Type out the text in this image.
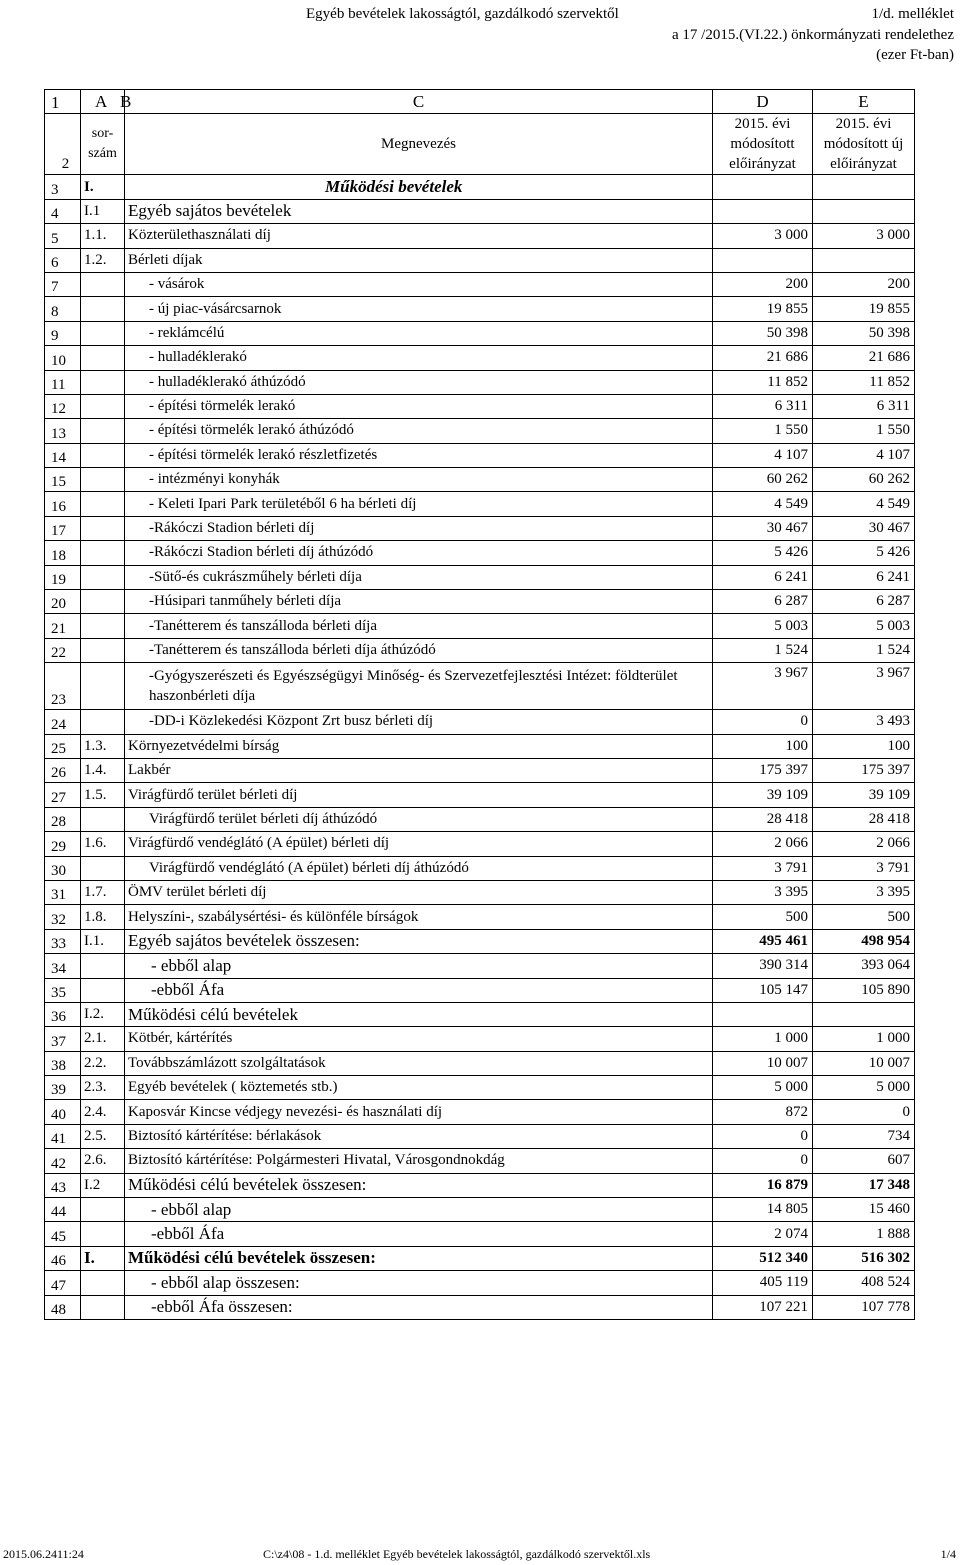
Egyéb bevételek lakosságtól, gazdálkodó szervektől	1/d. melléklet
a 17 /2015.(VI.22.) önkormányzati rendelethez
(ezer Ft-ban)
1	A B	C	D	E
2	sor-szám	Megnevezés	2015. évi módosított előirányzat	2015. évi módosított új előirányzat
3	I.	Működési bevételek		
4	I.1	Egyéb sajátos bevételek		
5	1.1.	Közterülethasználati díj	3 000	3 000
6	1.2.	Bérleti díjak		
7		- vásárok	200	200
8		- új piac-vásárcsarnok	19 855	19 855
9		- reklámcélú	50 398	50 398
10		- hulladéklerakó	21 686	21 686
11		- hulladéklerakó áthúzódó	11 852	11 852
12		- építési törmelék lerakó	6 311	6 311
13		- építési törmelék lerakó áthúzódó	1 550	1 550
14		- építési törmelék lerakó részletfizetés	4 107	4 107
15		- intézményi konyhák	60 262	60 262
16		- Keleti Ipari Park területéből 6 ha bérleti díj	4 549	4 549
17		-Rákóczi Stadion bérleti díj	30 467	30 467
18		-Rákóczi Stadion bérleti díj áthúzódó	5 426	5 426
19		-Sütő-és cukrászműhely bérleti díja	6 241	6 241
20		-Húsipari tanműhely bérleti díja	6 287	6 287
21		-Tanétterem és tanszálloda bérleti díja	5 003	5 003
22		-Tanétterem és tanszálloda bérleti díja áthúzódó	1 524	1 524
23		-Gyógyszerészeti és Egyészségügyi Minőség- és Szervezetfejlesztési Intézet: földterület haszonbérleti díja	3 967	3 967
24		-DD-i Közlekedési Központ Zrt busz bérleti díj	0	3 493
25	1.3.	Környezetvédelmi bírság	100	100
26	1.4.	Lakbér	175 397	175 397
27	1.5.	Virágfürdő terület bérleti díj	39 109	39 109
28		Virágfürdő terület bérleti díj áthúzódó	28 418	28 418
29	1.6.	Virágfürdő vendéglátó (A épület) bérleti díj	2 066	2 066
30		Virágfürdő vendéglátó (A épület) bérleti díj áthúzódó	3 791	3 791
31	1.7.	ÖMV terület bérleti díj	3 395	3 395
32	1.8.	Helyszíni-, szabálysértési- és különféle bírságok	500	500
33	I.1.	Egyéb sajátos bevételek összesen:	495 461	498 954
34		- ebből alap	390 314	393 064
35		-ebből Áfa	105 147	105 890
36	I.2.	Működési célú bevételek		
37	2.1.	Kötbér, kártérítés	1 000	1 000
38	2.2.	Továbbszámlázott szolgáltatások	10 007	10 007
39	2.3.	Egyéb bevételek ( köztemetés stb.)	5 000	5 000
40	2.4.	Kaposvár Kincse védjegy nevezési- és használati díj	872	0
41	2.5.	Biztosító kártérítése: bérlakások	0	734
42	2.6.	Biztosító kártérítése: Polgármesteri Hivatal, Városgondnokdág	0	607
43	I.2	Működési célú bevételek összesen:	16 879	17 348
44		- ebből alap	14 805	15 460
45		-ebből Áfa	2 074	1 888
46	I.	Működési célú bevételek összesen:	512 340	516 302
47		- ebből alap összesen:	405 119	408 524
48		-ebből Áfa összesen:	107 221	107 778
2015.06.2411:24	C:\z4\08 - 1.d. melléklet Egyéb bevételek lakosságtól, gazdálkodó szervektől.xls	1/4
